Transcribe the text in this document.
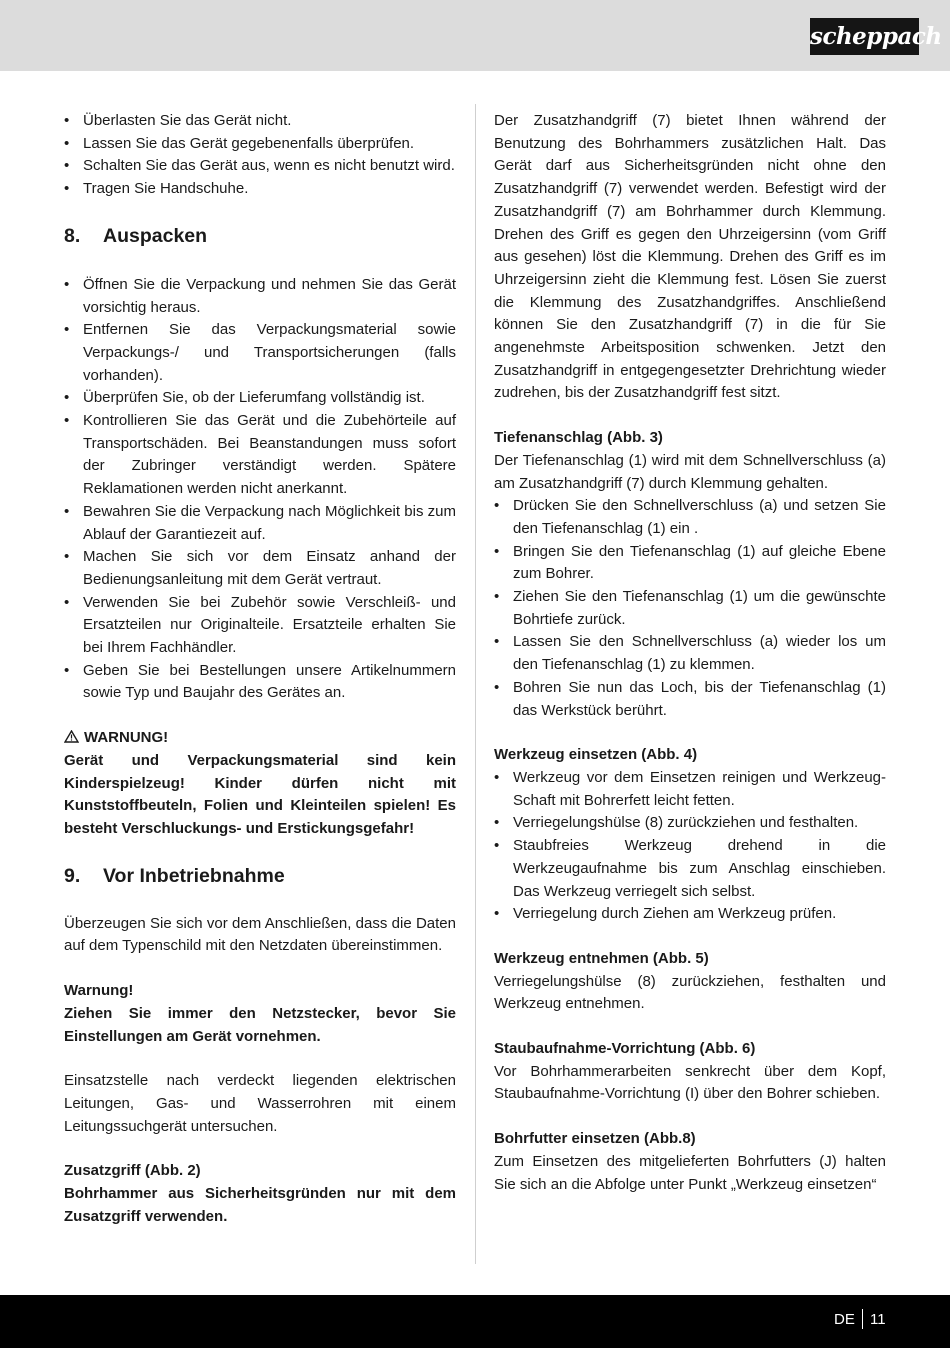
scheppach
• Überlasten Sie das Gerät nicht.
• Lassen Sie das Gerät gegebenenfalls überprüfen.
• Schalten Sie das Gerät aus, wenn es nicht benutzt wird.
• Tragen Sie Handschuhe.
8.	Auspacken
• Öffnen Sie die Verpackung und nehmen Sie das Gerät vorsichtig heraus.
• Entfernen Sie das Verpackungsmaterial sowie Verpackungs-/ und Transportsicherungen (falls vorhanden).
• Überprüfen Sie, ob der Lieferumfang vollständig ist.
• Kontrollieren Sie das Gerät und die Zubehörteile auf Transportschäden. Bei Beanstandungen muss sofort der Zubringer verständigt werden. Spätere Reklamationen werden nicht anerkannt.
• Bewahren Sie die Verpackung nach Möglichkeit bis zum Ablauf der Garantiezeit auf.
• Machen Sie sich vor dem Einsatz anhand der Bedienungsanleitung mit dem Gerät vertraut.
• Verwenden Sie bei Zubehör sowie Verschleiß- und Ersatzteilen nur Originalteile. Ersatzteile erhalten Sie bei Ihrem Fachhändler.
• Geben Sie bei Bestellungen unsere Artikelnummern sowie Typ und Baujahr des Gerätes an.
WARNUNG!
Gerät und Verpackungsmaterial sind kein Kinderspielzeug! Kinder dürfen nicht mit Kunststoffbeuteln, Folien und Kleinteilen spielen! Es besteht Verschluckungs- und Erstickungsgefahr!
9.	Vor Inbetriebnahme
Überzeugen Sie sich vor dem Anschließen, dass die Daten auf dem Typenschild mit den Netzdaten übereinstimmen.
Warnung!
Ziehen Sie immer den Netzstecker, bevor Sie Einstellungen am Gerät vornehmen.
Einsatzstelle nach verdeckt liegenden elektrischen Leitungen, Gas- und Wasserrohren mit einem Leitungssuchgerät untersuchen.
Zusatzgriff (Abb. 2)
Bohrhammer aus Sicherheitsgründen nur mit dem Zusatzgriff verwenden.
Der Zusatzhandgriff (7) bietet Ihnen während der Benutzung des Bohrhammers zusätzlichen Halt. Das Gerät darf aus Sicherheitsgründen nicht ohne den Zusatzhandgriff (7) verwendet werden. Befestigt wird der Zusatzhandgriff (7) am Bohrhammer durch Klemmung. Drehen des Griff es gegen den Uhrzeigersinn (vom Griff aus gesehen) löst die Klemmung. Drehen des Griff es im Uhrzeigersinn zieht die Klemmung fest. Lösen Sie zuerst die Klemmung des Zusatzhandgriffes. Anschließend können Sie den Zusatzhandgriff (7) in die für Sie angenehmste Arbeitsposition schwenken. Jetzt den Zusatzhandgriff in entgegengesetzter Drehrichtung wieder zudrehen, bis der Zusatzhandgriff fest sitzt.
Tiefenanschlag (Abb. 3)
Der Tiefenanschlag (1) wird mit dem Schnellverschluss (a) am Zusatzhandgriff (7) durch Klemmung gehalten.
• Drücken Sie den Schnellverschluss (a) und setzen Sie den Tiefenanschlag (1) ein .
• Bringen Sie den Tiefenanschlag (1) auf gleiche Ebene zum Bohrer.
• Ziehen Sie den Tiefenanschlag (1) um die gewünschte Bohrtiefe zurück.
• Lassen Sie den Schnellverschluss (a) wieder los um den Tiefenanschlag (1) zu klemmen.
• Bohren Sie nun das Loch, bis der Tiefenanschlag (1) das Werkstück berührt.
Werkzeug einsetzen (Abb. 4)
• Werkzeug vor dem Einsetzen reinigen und Werkzeug-Schaft mit Bohrerfett leicht fetten.
• Verriegelungshülse (8) zurückziehen und festhalten.
• Staubfreies Werkzeug drehend in die Werkzeugaufnahme bis zum Anschlag einschieben. Das Werkzeug verriegelt sich selbst.
• Verriegelung durch Ziehen am Werkzeug prüfen.
Werkzeug entnehmen (Abb. 5)
Verriegelungshülse (8) zurückziehen, festhalten und Werkzeug entnehmen.
Staubaufnahme-Vorrichtung (Abb. 6)
Vor Bohrhammerarbeiten senkrecht über dem Kopf, Staubaufnahme-Vorrichtung (I) über den Bohrer schieben.
Bohrfutter einsetzen (Abb.8)
Zum Einsetzen des mitgelieferten Bohrfutters (J) halten Sie sich an die Abfolge unter Punkt „Werkzeug einsetzen“
DE 11
